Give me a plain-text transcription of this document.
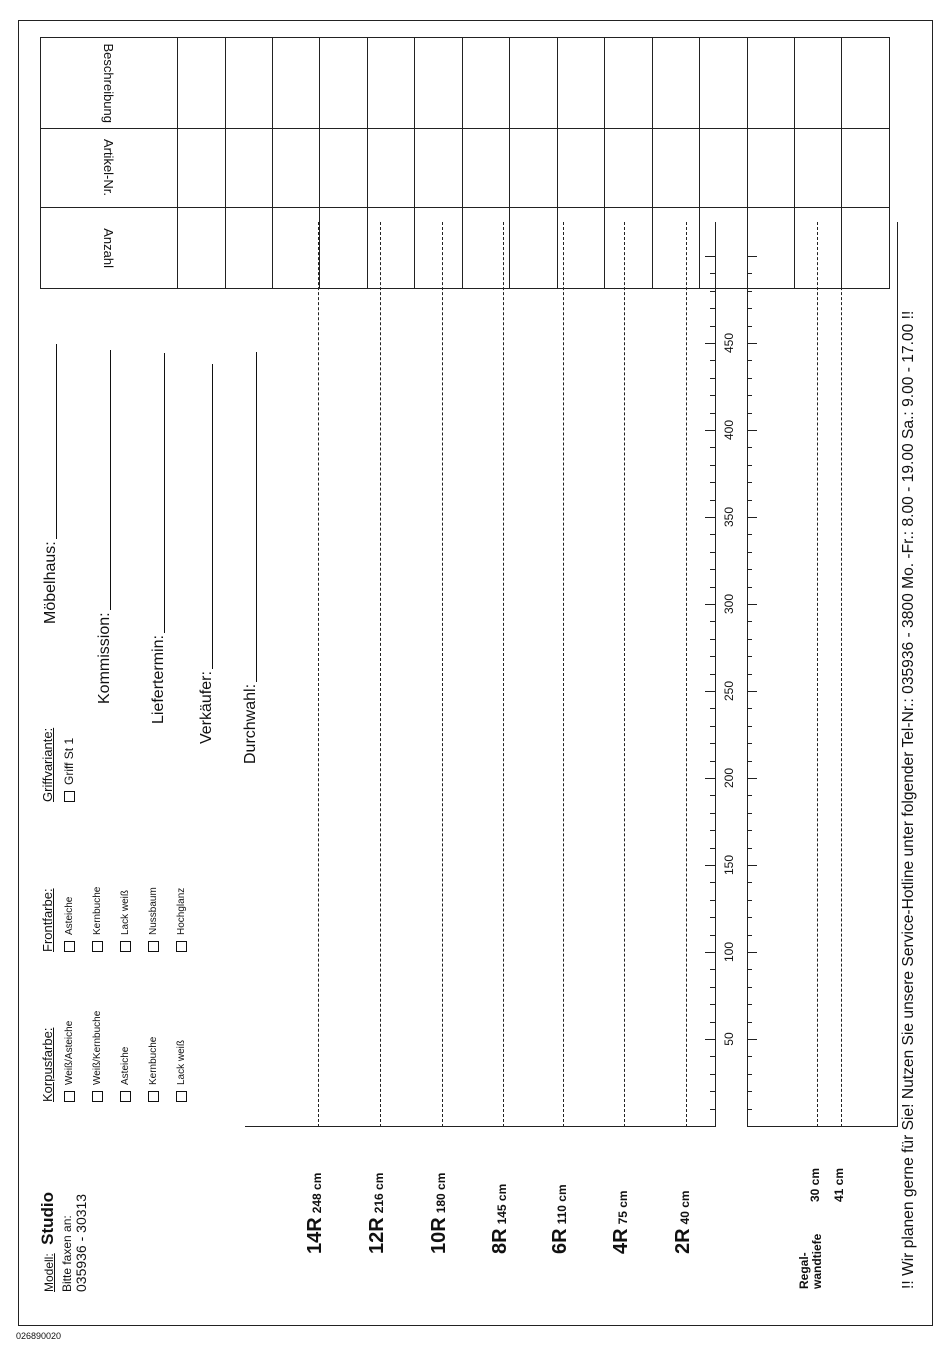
026890020
Modell: Studio Bitte faxen an: 035936 - 30313
Korpusfarbe: Weiß/Asteiche Weiß/Kernbuche Asteiche Kernbuche Lack weiß
Frontfarbe: Asteiche Kernbuche Lack weiß Nussbaum Hochglanz
Griffvariante: Griff St 1
Möbelhaus:
Kommission: Liefertermin: Verkäufer: Durchwahl:
Anzahl	Artikel-Nr.	Beschreibung

14R248 cm
12R216 cm
10R180 cm
8R145 cm
6R110 cm
4R75 cm
2R40 cm
50
100
150
200
250
300
350
400
450
Regal- wandtiefe
30 cm 41 cm	!! Wir planen gerne für Sie! Nutzen Sie unsere Service-Hotline unter folgender Tel-Nr.: 035936 - 3800 Mo. -Fr.: 8.00 - 19.00 Sa.: 9.00 - 17.00 !!
